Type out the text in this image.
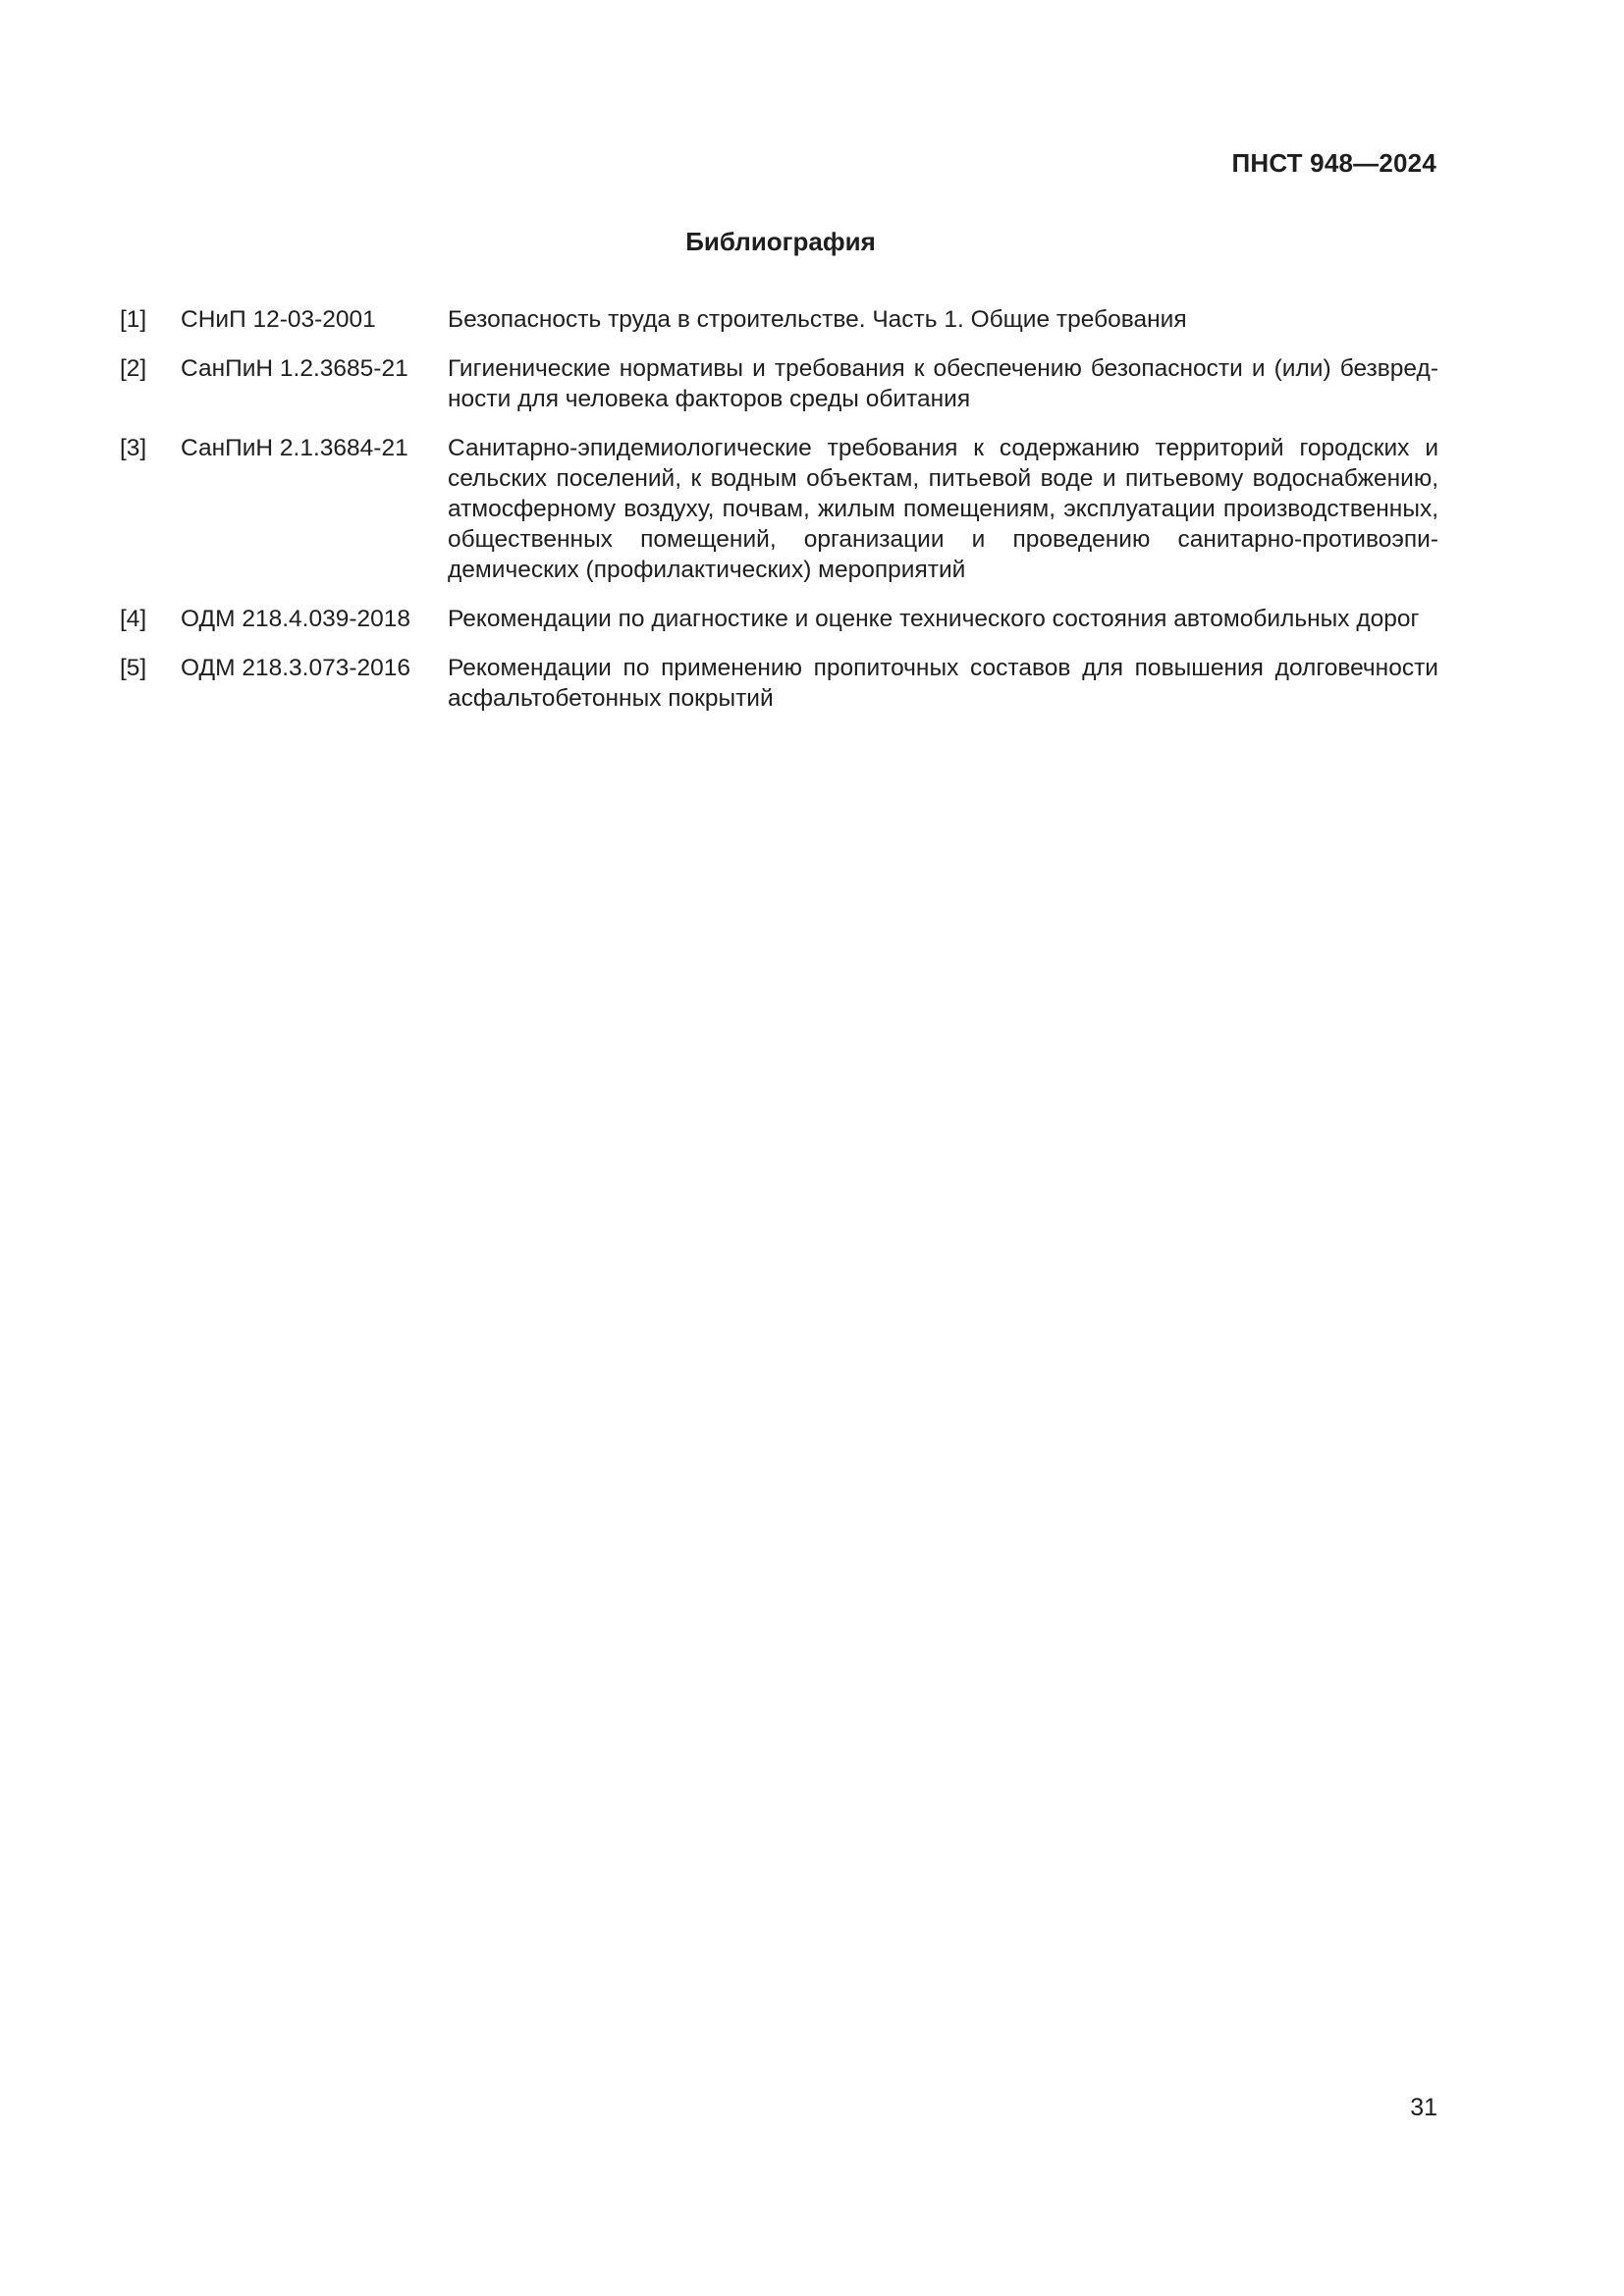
ПНСТ 948—2024
Библиография
[1]	СНиП 12-03-2001	Безопасность труда в строительстве. Часть 1. Общие требования
[2]	СанПиН 1.2.3685-21	Гигиенические нормативы и требования к обеспечению безопасности и (или) безвредности для человека факторов среды обитания
[3]	СанПиН 2.1.3684-21	Санитарно-эпидемиологические требования к содержанию территорий городских и сельских поселений, к водным объектам, питьевой воде и питьевому водоснабжению, атмосферному воздуху, почвам, жилым помещениям, эксплуатации производственных, общественных помещений, организации и проведению санитарно-противоэпидемических (профилактических) мероприятий
[4]	ОДМ 218.4.039-2018	Рекомендации по диагностике и оценке технического состояния автомобильных дорог
[5]	ОДМ 218.3.073-2016	Рекомендации по применению пропиточных составов для повышения долговечности асфальтобетонных покрытий
31
